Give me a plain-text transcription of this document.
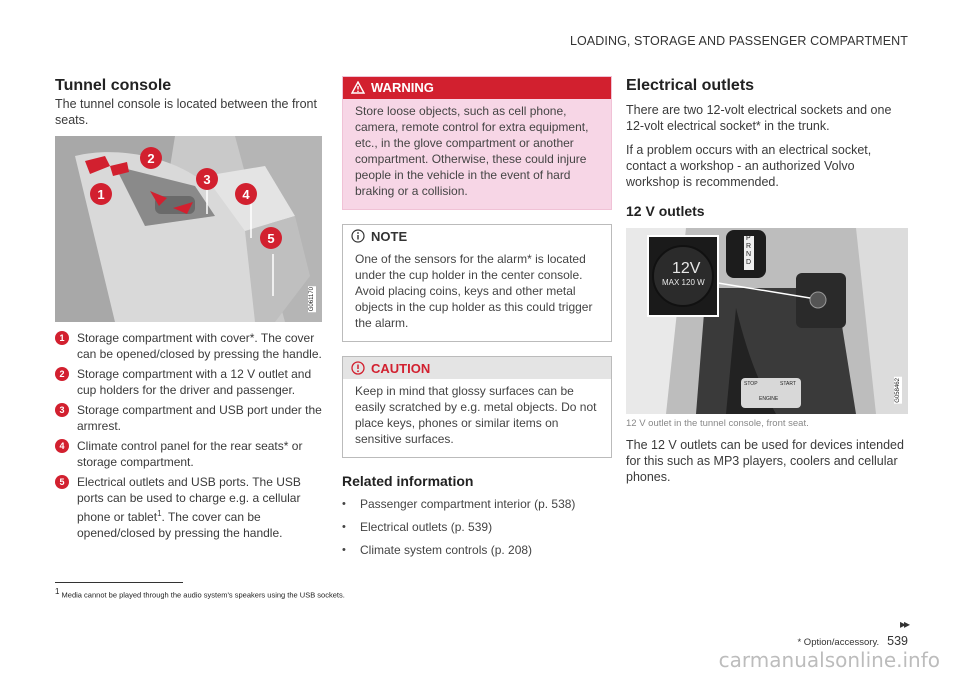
LOADING, STORAGE AND PASSENGER COMPARTMENT
Tunnel console
The tunnel console is located between the front seats.
2
1
3
4
5
G061170
1	Storage compartment with cover*. The cover can be opened/closed by pressing the handle.
2	Storage compartment with a 12 V outlet and cup holders for the driver and passenger.
3	Storage compartment and USB port under the armrest.
4	Climate control panel for the rear seats* or storage compartment.
5	Electrical outlets and USB ports. The USB ports can be used to charge e.g. a cellular phone or tablet$^1$. The cover can be opened/closed by pressing the handle.
WARNING
Store loose objects, such as cell phone, camera, remote control for extra equipment, etc., in the glove compartment or another compartment. Otherwise, these could injure people in the vehicle in the event of hard braking or a collision.
NOTE
One of the sensors for the alarm* is located under the cup holder in the center console.
Avoid placing coins, keys and other metal objects in the cup holder as this could trigger the alarm.
CAUTION
Keep in mind that glossy surfaces can be easily scratched by e.g. metal objects. Do not place keys, phones or similar items on sensitive surfaces.
Related information
•	Passenger compartment interior (p. 538)
•	Electrical outlets (p. 539)
•	Climate system controls (p. 208)
Electrical outlets
There are two 12-volt electrical sockets and one 12-volt electrical socket* in the trunk.
If a problem occurs with an electrical socket, contact a workshop - an authorized Volvo workshop is recommended.
12 V outlets
12V
MAX 120 W
P
R
N
D
STOP	START
ENGINE	G058462
12 V outlet in the tunnel console, front seat.
The 12 V outlets can be used for devices intended for this such as MP3 players, coolers and cellular phones.
$^1$ Media cannot be played through the audio system's speakers using the USB sockets.
▸▸
* Option/accessory. 539
carmanualsonline.info
